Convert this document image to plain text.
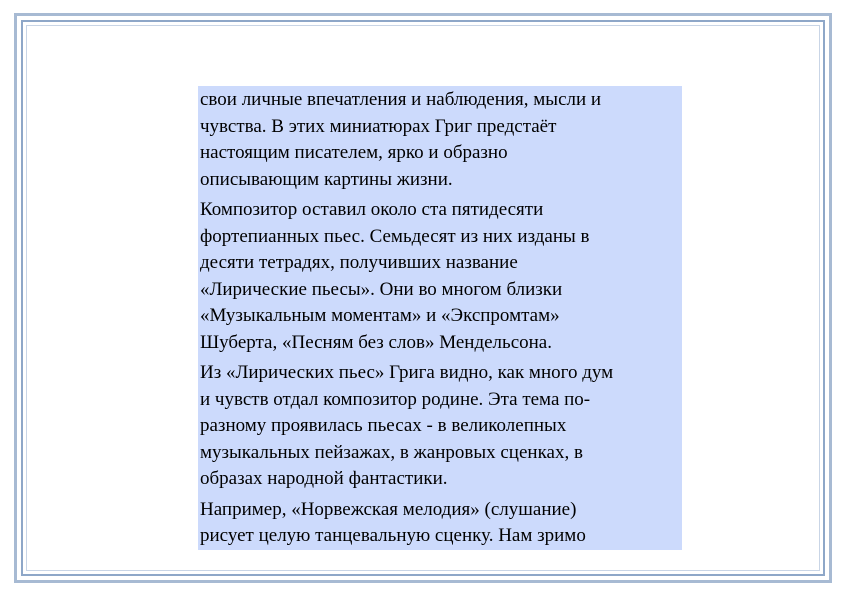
свои личные впечатления и наблюдения, мысли и
чувства. В этих миниатюрах Григ предстаёт
настоящим писателем, ярко и образно
описывающим картины жизни.

Композитор оставил около ста пятидесяти
фортепианных пьес. Семьдесят из них изданы в
десяти тетрадях, получивших название
«Лирические пьесы». Они во многом близки
«Музыкальным моментам» и «Экспромтам»
Шуберта, «Песням без слов» Мендельсона.

Из «Лирических пьес» Грига видно, как много дум
и чувств отдал композитор родине. Эта тема по-
разному проявилась пьесах - в великолепных
музыкальных пейзажах, в жанровых сценках, в
образах народной фантастики.

Например, «Норвежская мелодия» (слушание)
рисует целую танцевальную сценку. Нам зримо
